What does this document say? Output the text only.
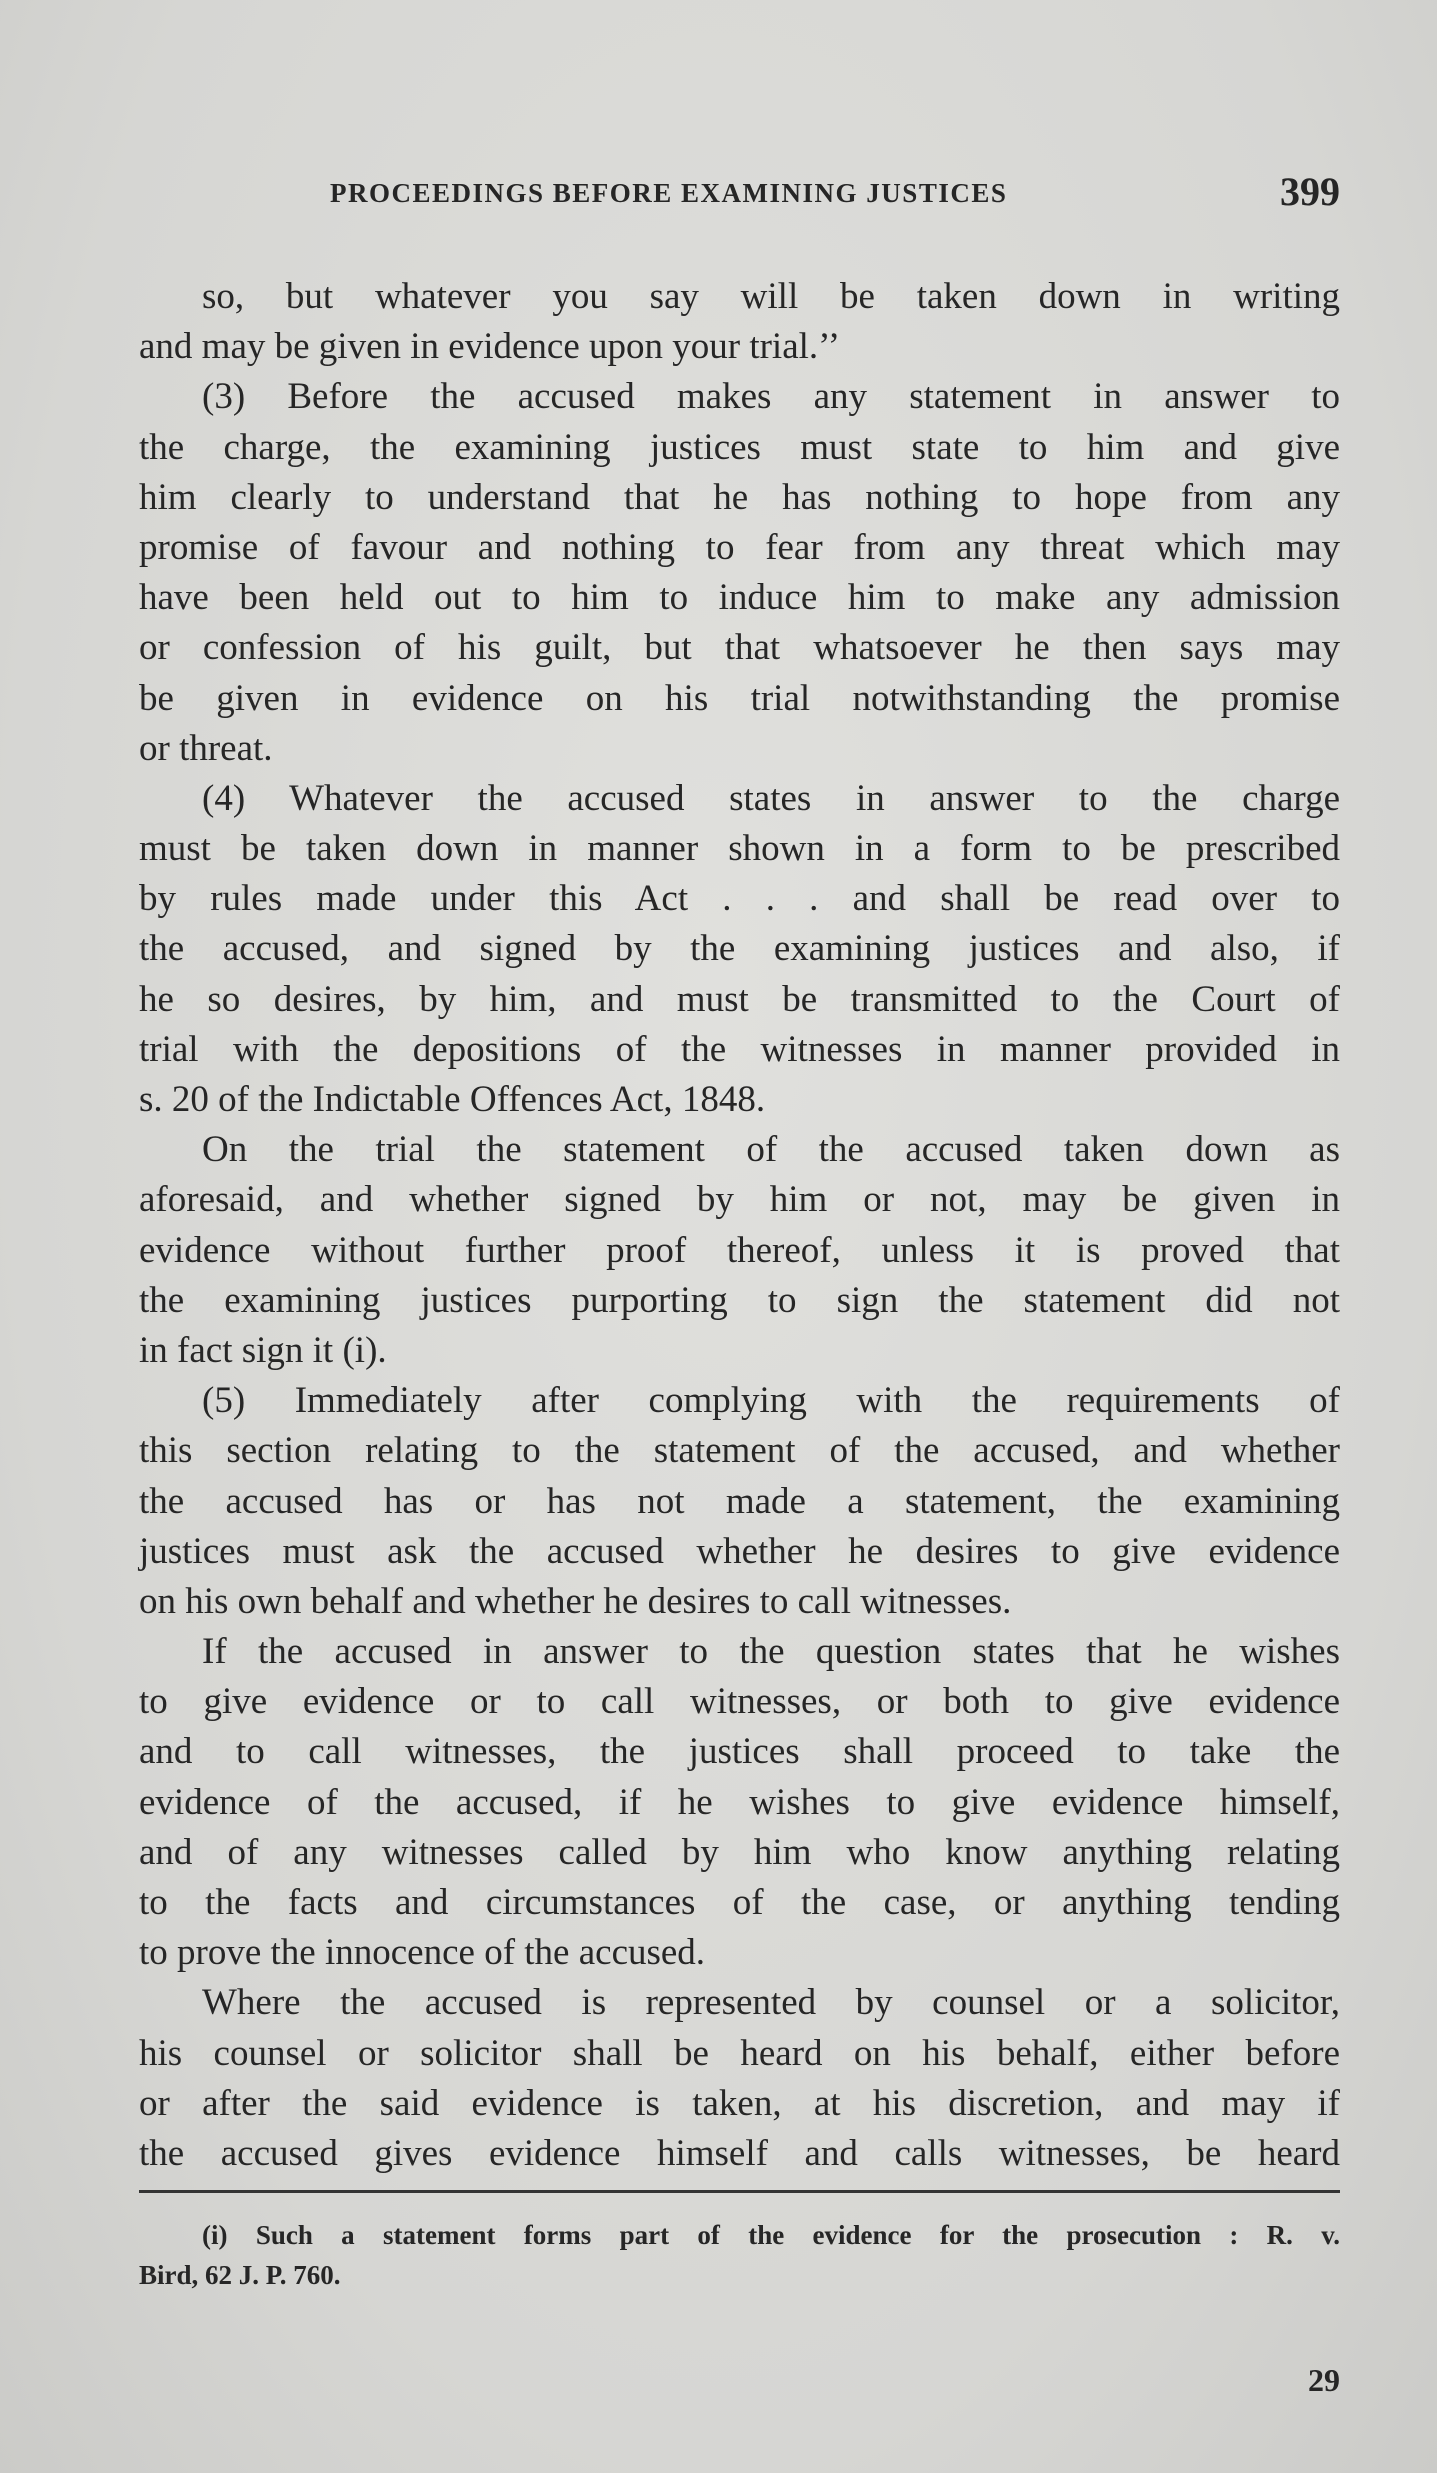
PROCEEDINGS BEFORE EXAMINING JUSTICES	399
so, but whatever you say will be taken down in writing
and may be given in evidence upon your trial.’’
(3) Before the accused makes any statement in answer to
the charge, the examining justices must state to him and give
him clearly to understand that he has nothing to hope from any
promise of favour and nothing to fear from any threat which may
have been held out to him to induce him to make any admission
or confession of his guilt, but that whatsoever he then says may
be given in evidence on his trial notwithstanding the promise
or threat.
(4) Whatever the accused states in answer to the charge
must be taken down in manner shown in a form to be prescribed
by rules made under this Act . . . and shall be read over to
the accused, and signed by the examining justices and also, if
he so desires, by him, and must be transmitted to the Court of
trial with the depositions of the witnesses in manner provided in
s. 20 of the Indictable Offences Act, 1848.
On the trial the statement of the accused taken down as
aforesaid, and whether signed by him or not, may be given in
evidence without further proof thereof, unless it is proved that
the examining justices purporting to sign the statement did not
in fact sign it (i).
(5) Immediately after complying with the requirements of
this section relating to the statement of the accused, and whether
the accused has or has not made a statement, the examining
justices must ask the accused whether he desires to give evidence
on his own behalf and whether he desires to call witnesses.
If the accused in answer to the question states that he wishes
to give evidence or to call witnesses, or both to give evidence
and to call witnesses, the justices shall proceed to take the
evidence of the accused, if he wishes to give evidence himself,
and of any witnesses called by him who know anything relating
to the facts and circumstances of the case, or anything tending
to prove the innocence of the accused.
Where the accused is represented by counsel or a solicitor,
his counsel or solicitor shall be heard on his behalf, either before
or after the said evidence is taken, at his discretion, and may if
the accused gives evidence himself and calls witnesses, be heard
(i) Such a statement forms part of the evidence for the prosecution : R. v.
Bird, 62 J. P. 760.
29
